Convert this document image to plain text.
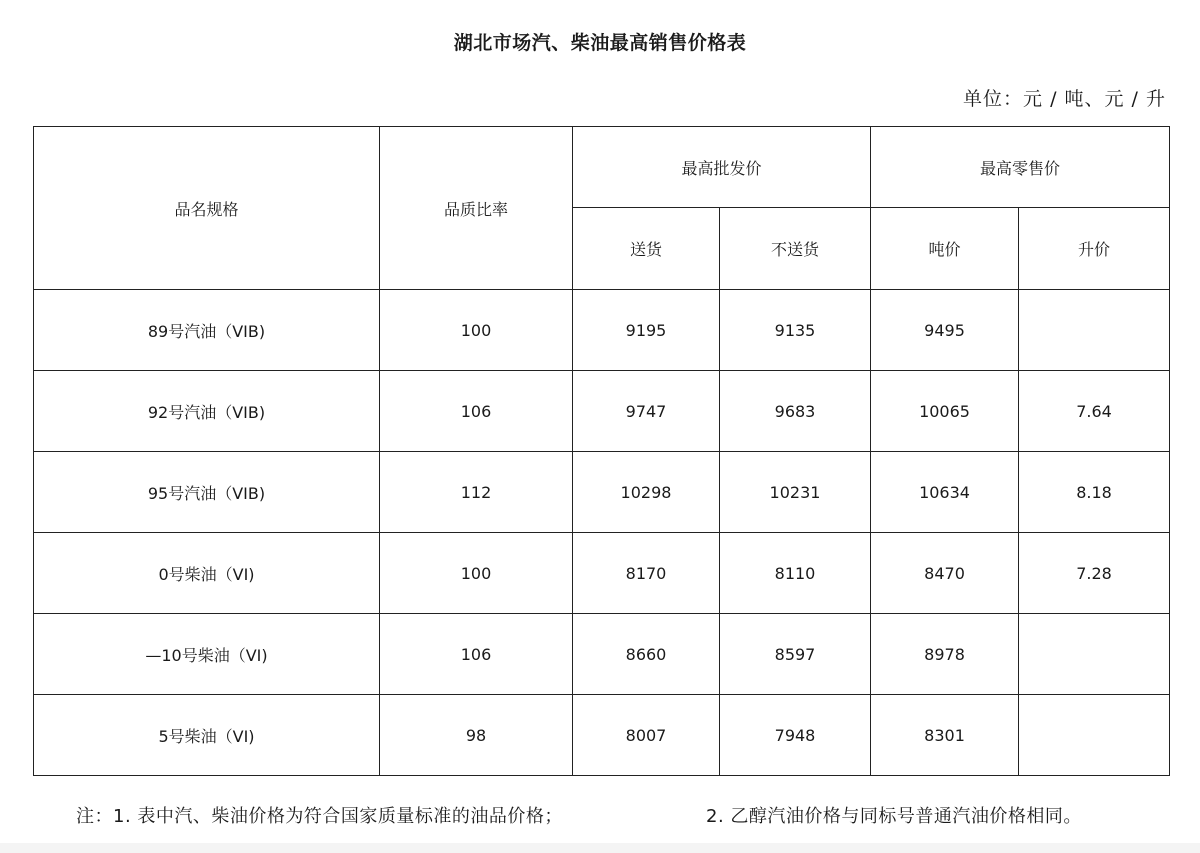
湖北市场汽、柴油最高销售价格表
单位：元 / 吨、元 / 升
品名规格	品质比率	最高批发价		最高零售价	
		送货	不送货	吨价	升价
89号汽油（VIB)	100	9195	9135	9495	
92号汽油（VIB)	106	9747	9683	10065	7.64
95号汽油（VIB)	112	10298	10231	10634	8.18
0号柴油（VI)	100	8170	8110	8470	7.28
—10号柴油（VI)	106	8660	8597	8978	
5号柴油（VI)	98	8007	7948	8301	
注：1. 表中汽、柴油价格为符合国家质量标准的油品价格；	2. 乙醇汽油价格与同标号普通汽油价格相同。
